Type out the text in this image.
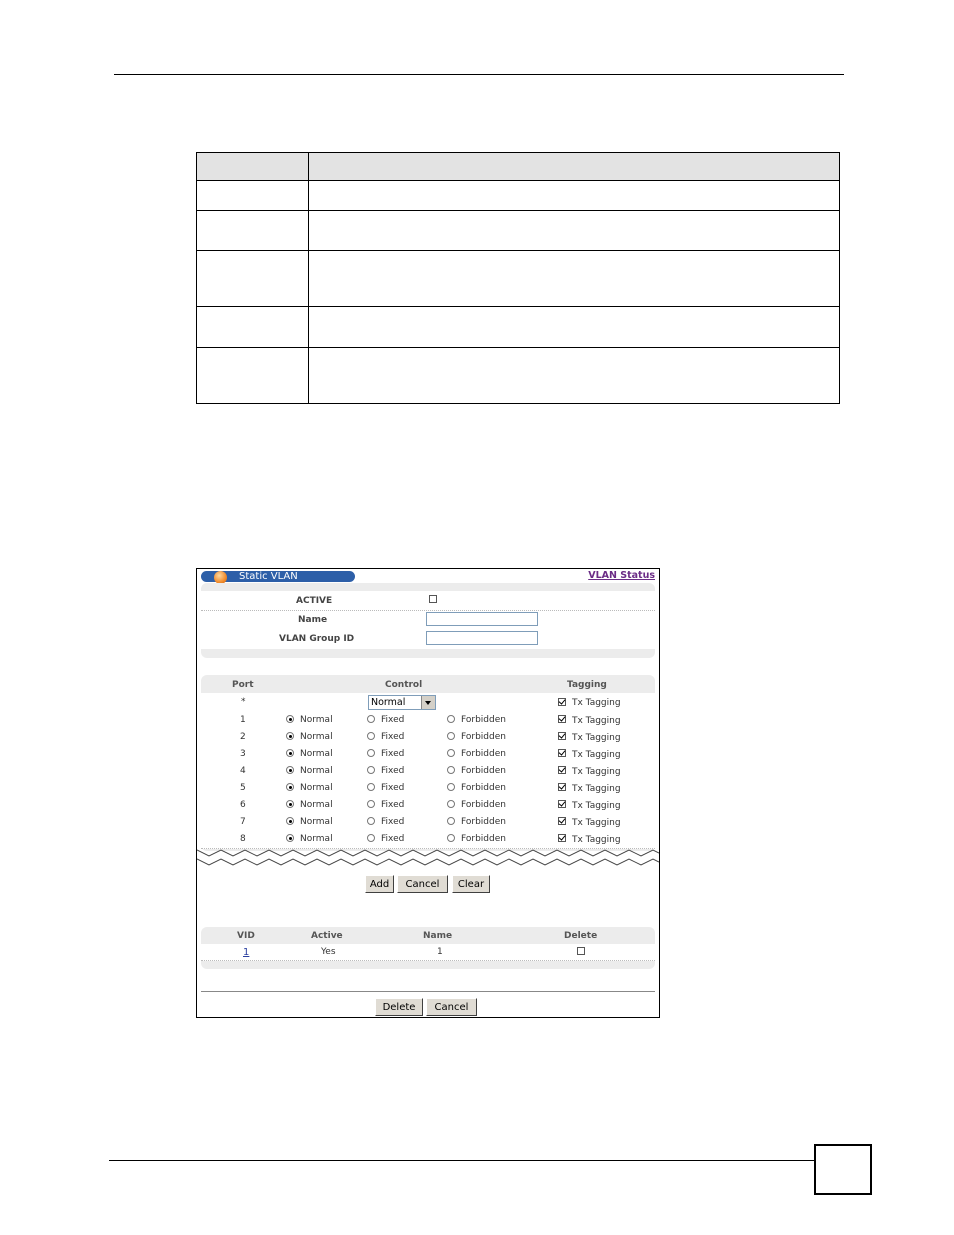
Static VLAN	VLAN Status
ACTIVE
Name
VLAN Group ID
Port	Control	Tagging
*	Normal	Tx Tagging
1	Normal	Fixed	Forbidden	Tx Tagging
2	Normal	Fixed	Forbidden	Tx Tagging
3	Normal	Fixed	Forbidden	Tx Tagging
4	Normal	Fixed	Forbidden	Tx Tagging
5	Normal	Fixed	Forbidden	Tx Tagging
6	Normal	Fixed	Forbidden	Tx Tagging
7	Normal	Fixed	Forbidden	Tx Tagging
8	Normal	Fixed	Forbidden	Tx Tagging
Add	Cancel	Clear
VID	Active	Name	Delete
1	Yes	1
Delete	Cancel
